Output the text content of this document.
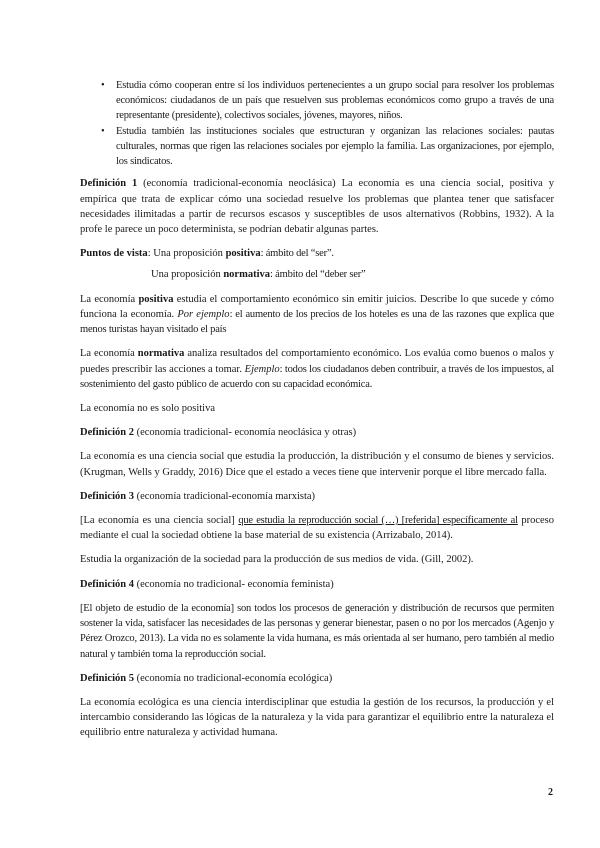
• Estudia cómo cooperan entre sí los individuos pertenecientes a un grupo social para resolver los problemas económicos: ciudadanos de un país que resuelven sus problemas económicos como grupo a través de una representante (presidente), colectivos sociales, jóvenes, mayores, niños.
• Estudia también las instituciones sociales que estructuran y organizan las relaciones sociales: pautas culturales, normas que rigen las relaciones sociales por ejemplo la familia. Las organizaciones, por ejemplo, los sindicatos.

Definición 1 (economía tradicional-economía neoclásica) La economía es una ciencia social, positiva y empírica que trata de explicar cómo una sociedad resuelve los problemas que plantea tener que satisfacer necesidades ilimitadas a partir de recursos escasos y susceptibles de usos alternativos (Robbins, 1932). A la profe le parece un poco determinista, se podrían debatir algunas partes.

Puntos de vista: Una proposición positiva: ámbito del “ser”.

Una proposición normativa: ámbito del “deber ser”

La economía positiva estudia el comportamiento económico sin emitir juicios. Describe lo que sucede y cómo funciona la economía. Por ejemplo: el aumento de los precios de los hoteles es una de las razones que explica que menos turistas hayan visitado el país

La economía normativa analiza resultados del comportamiento económico. Los evalúa como buenos o malos y puedes prescribir las acciones a tomar. Ejemplo: todos los ciudadanos deben contribuir, a través de los impuestos, al sostenimiento del gasto público de acuerdo con su capacidad económica.

La economía no es solo positiva

Definición 2 (economía tradicional- economía neoclásica y otras)

La economía es una ciencia social que estudia la producción, la distribución y el consumo de bienes y servicios. (Krugman, Wells y Graddy, 2016) Dice que el estado a veces tiene que intervenir porque el libre mercado falla.

Definición 3 (economía tradicional-economía marxista)

[La economía es una ciencia social] que estudia la reproducción social (…) [referida] específicamente al proceso mediante el cual la sociedad obtiene la base material de su existencia (Arrizabalo, 2014).

Estudia la organización de la sociedad para la producción de sus medios de vida. (Gill, 2002).

Definición 4 (economía no tradicional- economía feminista)

[El objeto de estudio de la economía] son todos los procesos de generación y distribución de recursos que permiten sostener la vida, satisfacer las necesidades de las personas y generar bienestar, pasen o no por los mercados (Agenjo y Pérez Orozco, 2013). La vida no es solamente la vida humana, es más orientada al ser humano, pero también al medio natural y también toma la reproducción social.

Definición 5 (economía no tradicional-economía ecológica)

La economía ecológica es una ciencia interdisciplinar que estudia la gestión de los recursos, la producción y el intercambio considerando las lógicas de la naturaleza y la vida para garantizar el equilibrio entre la naturaleza el equilibrio entre naturaleza y actividad humana.

2
